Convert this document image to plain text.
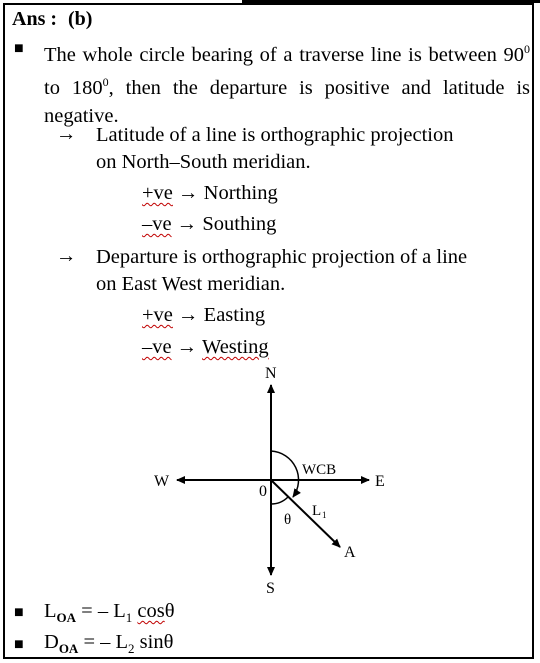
Ans : (b)
■ The whole circle bearing of a traverse line is between $90^0$ to $180^0$, then the departure is positive and latitude is negative.
→ Latitude of a line is orthographic projection
on North–South meridian.
+ve → Northing
–ve → Southing
→ Departure is orthographic projection of a line
on East West meridian.
+ve → Easting
–ve → Westing
N
S
E
W
0
WCB
θ
L 1
A
■ $L_{OA}$ = – $L_1$ cosθ
■ $D_{OA}$ = – $L_2$ sinθ
